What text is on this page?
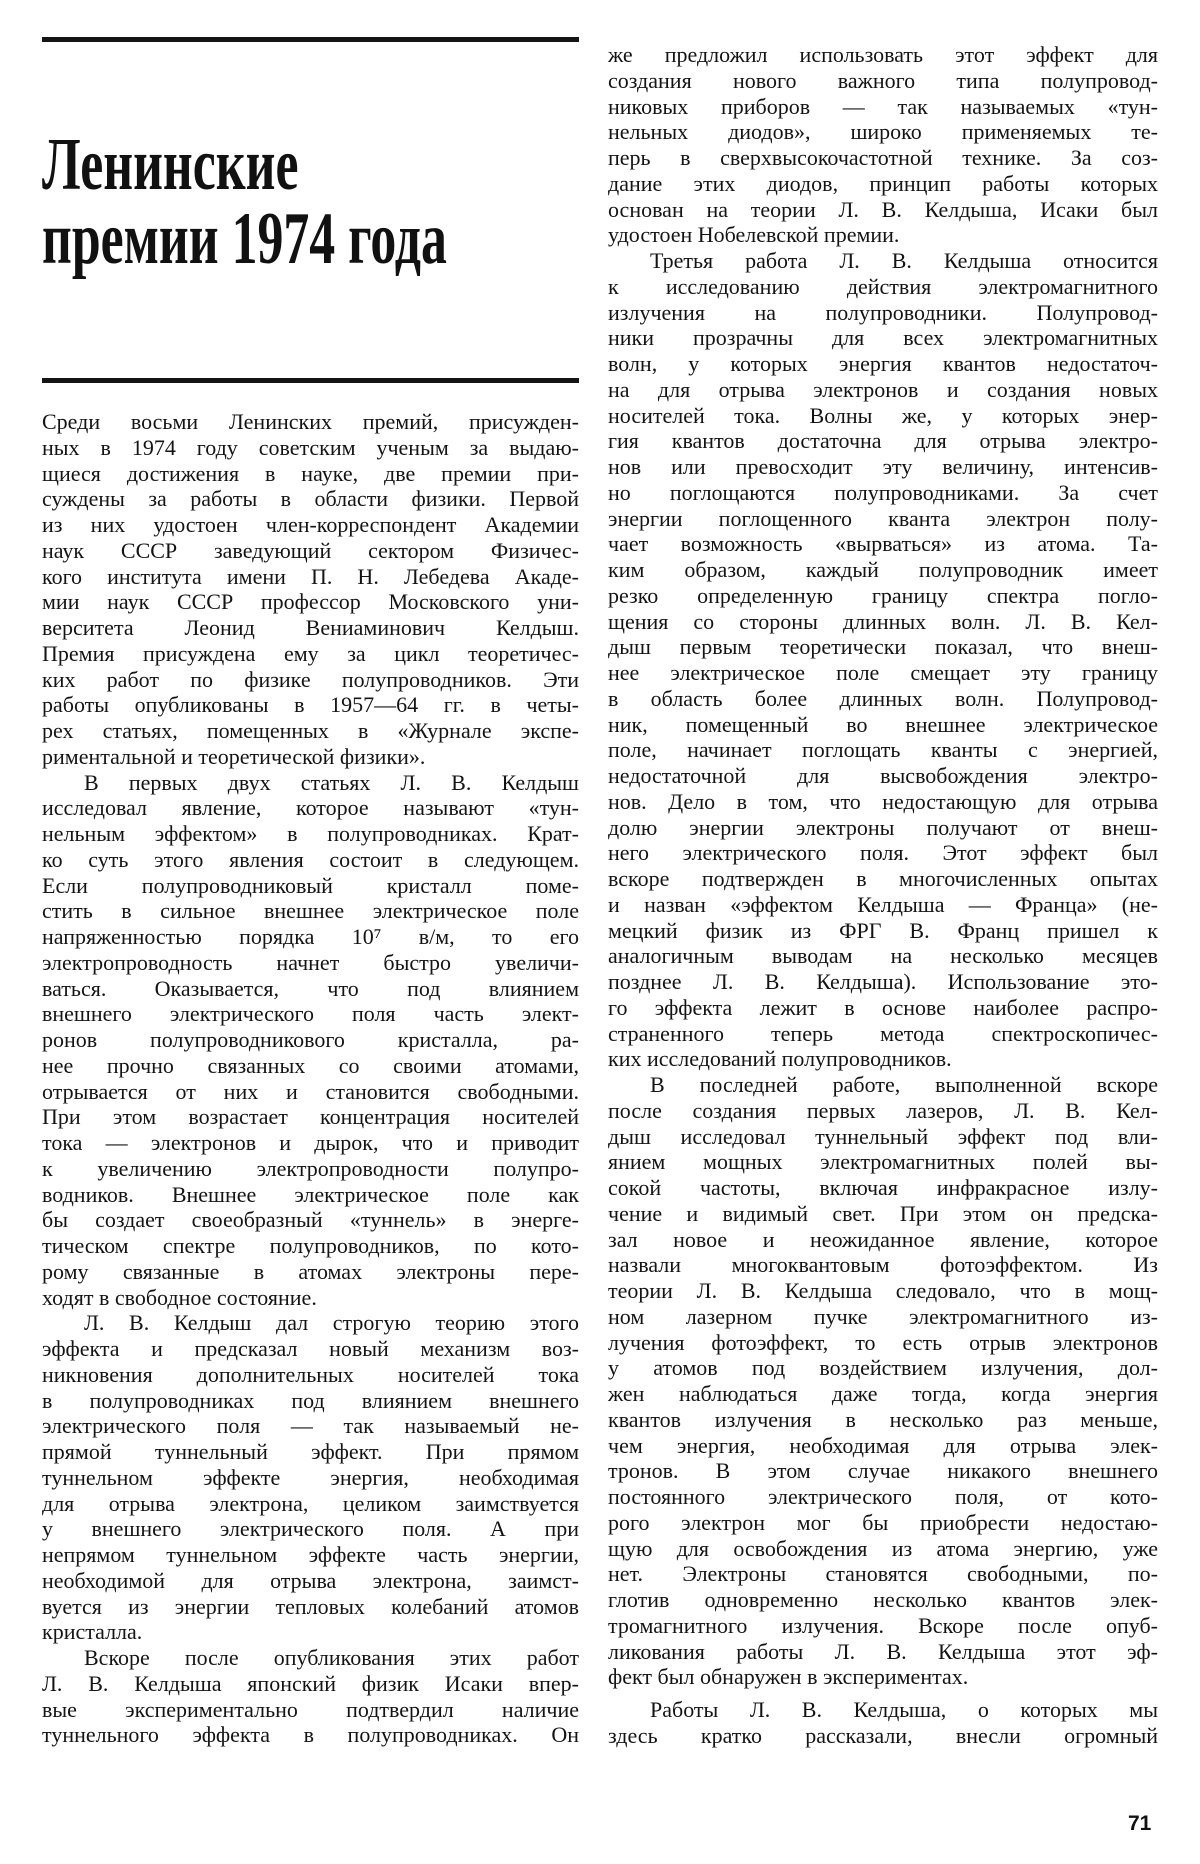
Ленинские
премии 1974 года
Среди восьми Ленинских премий, присужден-
ных в 1974 году советским ученым за выдаю-
щиеся достижения в науке, две премии при-
суждены за работы в области физики. Первой
из них удостоен член-корреспондент Академии
наук СССР заведующий сектором Физичес-
кого института имени П. Н. Лебедева Акаде-
мии наук СССР профессор Московского уни-
верситета Леонид Вениаминович Келдыш.
Премия присуждена ему за цикл теоретичес-
ких работ по физике полупроводников. Эти
работы опубликованы в 1957—64 гг. в четы-
рех статьях, помещенных в «Журнале экспе-
риментальной и теоретической физики».
В первых двух статьях Л. В. Келдыш
исследовал явление, которое называют «тун-
нельным эффектом» в полупроводниках. Крат-
ко суть этого явления состоит в следующем.
Если полупроводниковый кристалл поме-
стить в сильное внешнее электрическое поле
напряженностью порядка 10⁷ в/м, то его
электропроводность начнет быстро увеличи-
ваться. Оказывается, что под влиянием
внешнего электрического поля часть элект-
ронов полупроводникового кристалла, ра-
нее прочно связанных со своими атомами,
отрывается от них и становится свободными.
При этом возрастает концентрация носителей
тока — электронов и дырок, что и приводит
к увеличению электропроводности полупро-
водников. Внешнее электрическое поле как
бы создает своеобразный «туннель» в энерге-
тическом спектре полупроводников, по кото-
рому связанные в атомах электроны пере-
ходят в свободное состояние.
Л. В. Келдыш дал строгую теорию этого
эффекта и предсказал новый механизм воз-
никновения дополнительных носителей тока
в полупроводниках под влиянием внешнего
электрического поля — так называемый не-
прямой туннельный эффект. При прямом
туннельном эффекте энергия, необходимая
для отрыва электрона, целиком заимствуется
у внешнего электрического поля. А при
непрямом туннельном эффекте часть энергии,
необходимой для отрыва электрона, заимст-
вуется из энергии тепловых колебаний атомов
кристалла.
Вскоре после опубликования этих работ
Л. В. Келдыша японский физик Исаки впер-
вые экспериментально подтвердил наличие
туннельного эффекта в полупроводниках. Он
же предложил использовать этот эффект для
создания нового важного типа полупровод-
никовых приборов — так называемых «тун-
нельных диодов», широко применяемых те-
перь в сверхвысокочастотной технике. За соз-
дание этих диодов, принцип работы которых
основан на теории Л. В. Келдыша, Исаки был
удостоен Нобелевской премии.
Третья работа Л. В. Келдыша относится
к исследованию действия электромагнитного
излучения на полупроводники. Полупровод-
ники прозрачны для всех электромагнитных
волн, у которых энергия квантов недостаточ-
на для отрыва электронов и создания новых
носителей тока. Волны же, у которых энер-
гия квантов достаточна для отрыва электро-
нов или превосходит эту величину, интенсив-
но поглощаются полупроводниками. За счет
энергии поглощенного кванта электрон полу-
чает возможность «вырваться» из атома. Та-
ким образом, каждый полупроводник имеет
резко определенную границу спектра погло-
щения со стороны длинных волн. Л. В. Кел-
дыш первым теоретически показал, что внеш-
нее электрическое поле смещает эту границу
в область более длинных волн. Полупровод-
ник, помещенный во внешнее электрическое
поле, начинает поглощать кванты с энергией,
недостаточной для высвобождения электро-
нов. Дело в том, что недостающую для отрыва
долю энергии электроны получают от внеш-
него электрического поля. Этот эффект был
вскоре подтвержден в многочисленных опытах
и назван «эффектом Келдыша — Франца» (не-
мецкий физик из ФРГ В. Франц пришел к
аналогичным выводам на несколько месяцев
позднее Л. В. Келдыша). Использование это-
го эффекта лежит в основе наиболее распро-
страненного теперь метода спектроскопичес-
ких исследований полупроводников.
В последней работе, выполненной вскоре
после создания первых лазеров, Л. В. Кел-
дыш исследовал туннельный эффект под вли-
янием мощных электромагнитных полей вы-
сокой частоты, включая инфракрасное излу-
чение и видимый свет. При этом он предска-
зал новое и неожиданное явление, которое
назвали многоквантовым фотоэффектом. Из
теории Л. В. Келдыша следовало, что в мощ-
ном лазерном пучке электромагнитного из-
лучения фотоэффект, то есть отрыв электронов
у атомов под воздействием излучения, дол-
жен наблюдаться даже тогда, когда энергия
квантов излучения в несколько раз меньше,
чем энергия, необходимая для отрыва элек-
тронов. В этом случае никакого внешнего
постоянного электрического поля, от кото-
рого электрон мог бы приобрести недостаю-
щую для освобождения из атома энергию, уже
нет. Электроны становятся свободными, по-
глотив одновременно несколько квантов элек-
тромагнитного излучения. Вскоре после опуб-
ликования работы Л. В. Келдыша этот эф-
фект был обнаружен в экспериментах.
Работы Л. В. Келдыша, о которых мы
здесь кратко рассказали, внесли огромный
71
